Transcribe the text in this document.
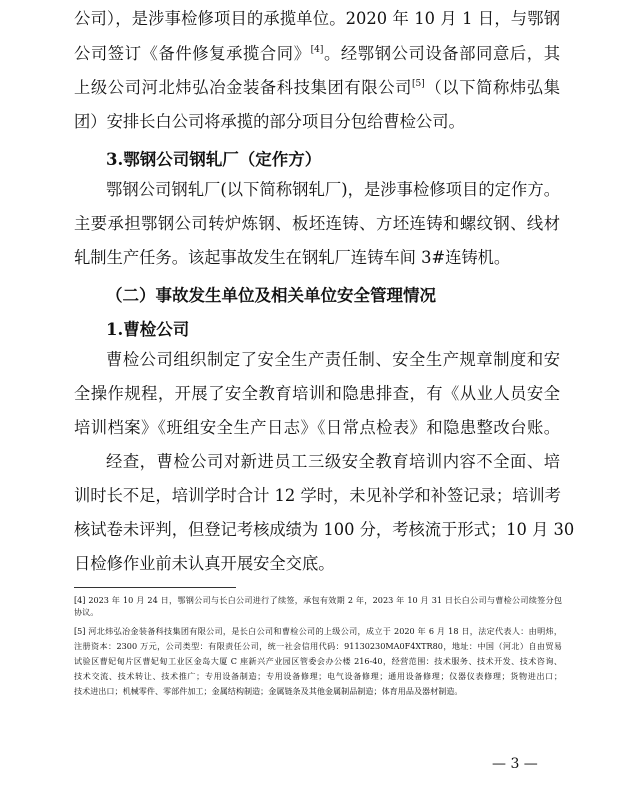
公司），是涉事检修项目的承揽单位。2020 年 10 月 1 日，与鄂钢
公司签订《备件修复承揽合同》[4]。经鄂钢公司设备部同意后，其
上级公司河北炜弘冶金装备科技集团有限公司[5]（以下简称炜弘集
团）安排长白公司将承揽的部分项目分包给曹检公司。
3.鄂钢公司钢轧厂（定作方）
鄂钢公司钢轧厂(以下简称钢轧厂)，是涉事检修项目的定作方。
主要承担鄂钢公司转炉炼钢、板坯连铸、方坯连铸和螺纹钢、线材
轧制生产任务。该起事故发生在钢轧厂连铸车间 3#连铸机。
（二）事故发生单位及相关单位安全管理情况
1.曹检公司
曹检公司组织制定了安全生产责任制、安全生产规章制度和安
全操作规程，开展了安全教育培训和隐患排查，有《从业人员安全
培训档案》《班组安全生产日志》《日常点检表》和隐患整改台账。
经查，曹检公司对新进员工三级安全教育培训内容不全面、培
训时长不足，培训学时合计 12 学时，未见补学和补签记录；培训考
核试卷未评判，但登记考核成绩为 100 分，考核流于形式；10 月 30
日检修作业前未认真开展安全交底。
[4] 2023 年 10 月 24 日，鄂钢公司与长白公司进行了续签，承包有效期 2 年，2023 年 10 月 31 日长白公司与曹检公司续签分包
协议。
[5] 河北炜弘冶金装备科技集团有限公司，是长白公司和曹检公司的上级公司，成立于 2020 年 6 月 18 日，法定代表人：由明炜，
注册资本：2300 万元，公司类型：有限责任公司，统一社会信用代码：91130230MA0F4XTR80，地址：中国（河北）自由贸易
试验区曹妃甸片区曹妃甸工业区金岛大厦 C 座新兴产业园区管委会办公楼 216-40，经营范围：技术服务、技术开发、技术咨询、
技术交流、技术转让、技术推广；专用设备制造；专用设备修理；电气设备修理；通用设备修理；仪器仪表修理；货物进出口；
技术进出口；机械零件、零部件加工；金属结构制造；金属链条及其他金属制品制造；体育用品及器材制造。
— 3 —
